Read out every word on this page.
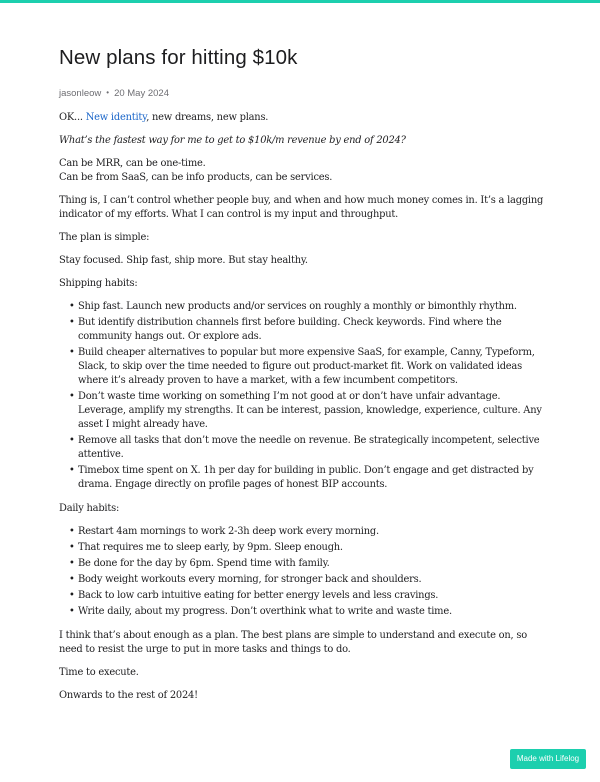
New plans for hitting $10k
jasonleow • 20 May 2024

OK... New identity, new dreams, new plans.

What’s the fastest way for me to get to $10k/m revenue by end of 2024?

Can be MRR, can be one-time.
Can be from SaaS, can be info products, can be services.

Thing is, I can’t control whether people buy, and when and how much money comes in. It’s a lagging indicator of my efforts. What I can control is my input and throughput.

The plan is simple:

Stay focused. Ship fast, ship more. But stay healthy.

Shipping habits:

• Ship fast. Launch new products and/or services on roughly a monthly or bimonthly rhythm.
• But identify distribution channels first before building. Check keywords. Find where the community hangs out. Or explore ads.
• Build cheaper alternatives to popular but more expensive SaaS, for example, Canny, Typeform, Slack, to skip over the time needed to figure out product-market fit. Work on validated ideas where it’s already proven to have a market, with a few incumbent competitors.
• Don’t waste time working on something I’m not good at or don’t have unfair advantage. Leverage, amplify my strengths. It can be interest, passion, knowledge, experience, culture. Any asset I might already have.
• Remove all tasks that don’t move the needle on revenue. Be strategically incompetent, selective attentive.
• Timebox time spent on X. 1h per day for building in public. Don’t engage and get distracted by drama. Engage directly on profile pages of honest BIP accounts.

Daily habits:

• Restart 4am mornings to work 2-3h deep work every morning.
• That requires me to sleep early, by 9pm. Sleep enough.
• Be done for the day by 6pm. Spend time with family.
• Body weight workouts every morning, for stronger back and shoulders.
• Back to low carb intuitive eating for better energy levels and less cravings.
• Write daily, about my progress. Don’t overthink what to write and waste time.

I think that’s about enough as a plan. The best plans are simple to understand and execute on, so need to resist the urge to put in more tasks and things to do.

Time to execute.

Onwards to the rest of 2024!

Made with Lifelog
